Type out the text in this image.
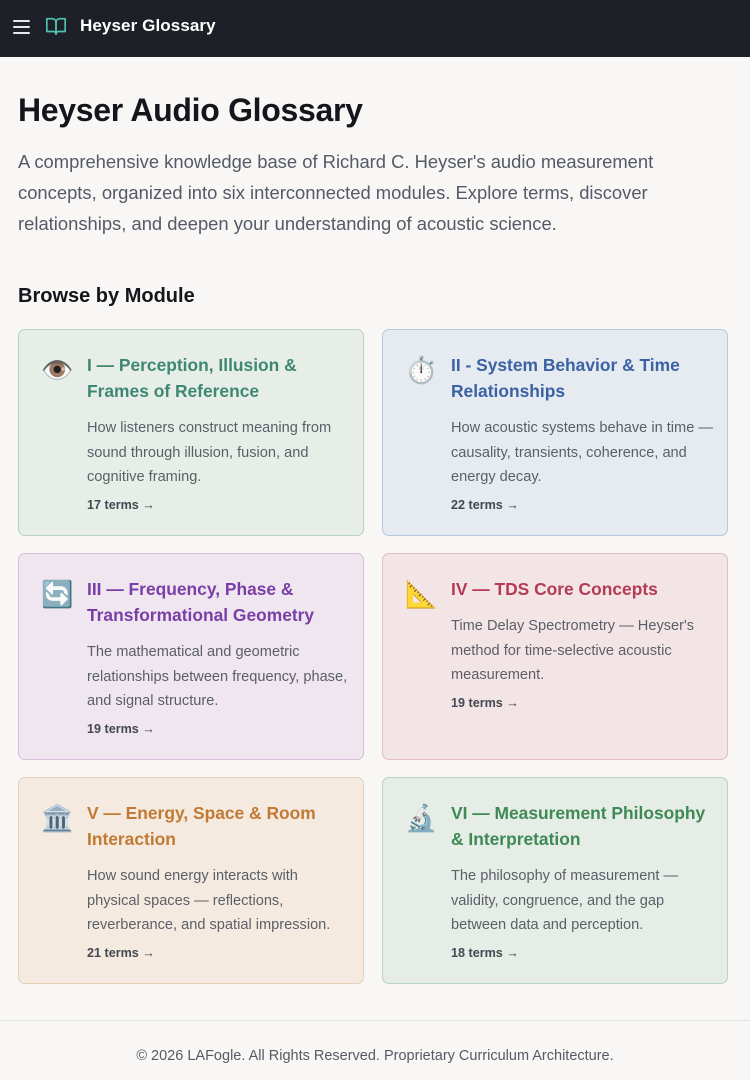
Heyser Glossary
Heyser Audio Glossary

A comprehensive knowledge base of Richard C. Heyser's audio measurement concepts, organized into six interconnected modules. Explore terms, discover relationships, and deepen your understanding of acoustic science.

Browse by Module
👁️ I — Perception, Illusion & Frames of Reference
How listeners construct meaning from sound through illusion, fusion, and cognitive framing.
17 terms →
⏱️ II - System Behavior & Time Relationships
How acoustic systems behave in time — causality, transients, coherence, and energy decay.
22 terms →
🔄 III — Frequency, Phase & Transformational Geometry
The mathematical and geometric relationships between frequency, phase, and signal structure.
19 terms →
📐 IV — TDS Core Concepts
Time Delay Spectrometry — Heyser's method for time-selective acoustic measurement.
19 terms →
🏛️ V — Energy, Space & Room Interaction
How sound energy interacts with physical spaces — reflections, reverberance, and spatial impression.
21 terms →
🔬 VI — Measurement Philosophy & Interpretation
The philosophy of measurement — validity, congruence, and the gap between data and perception.
18 terms →
© 2026 LAFogle. All Rights Reserved. Proprietary Curriculum Architecture.
